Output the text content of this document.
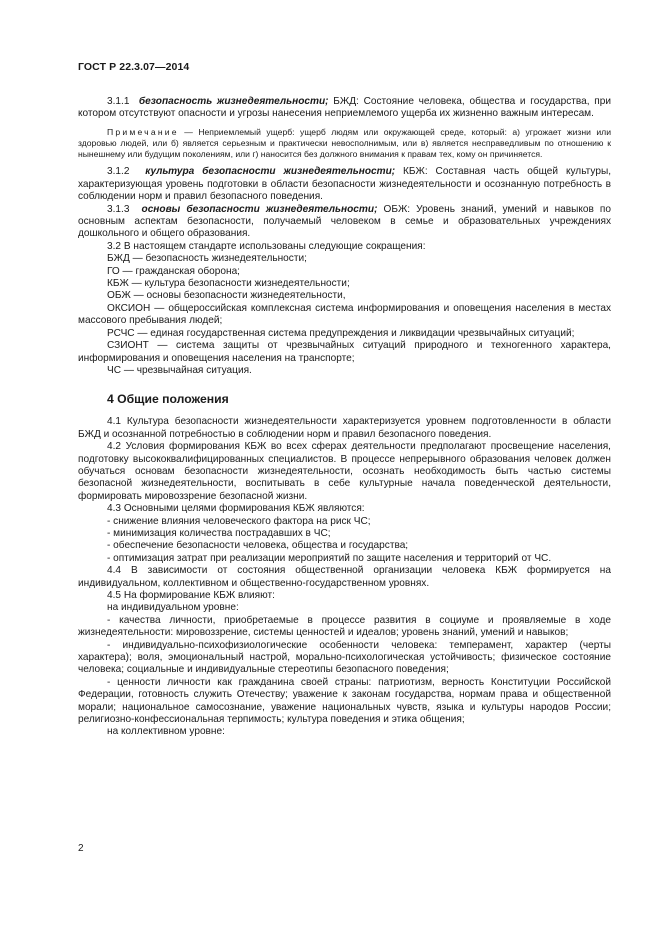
ГОСТ Р 22.3.07—2014

3.1.1 безопасность жизнедеятельности; БЖД: Состояние человека, общества и государства, при котором отсутствуют опасности и угрозы нанесения неприемлемого ущерба их жизненно важным интересам.

Примечание — Неприемлемый ущерб: ущерб людям или окружающей среде, который: а) угрожает жизни или здоровью людей, или б) является серьезным и практически невосполнимым, или в) является несправедливым по отношению к нынешнему или будущим поколениям, или г) наносится без должного внимания к правам тех, кому он причиняется.

3.1.2 культура безопасности жизнедеятельности; КБЖ: Составная часть общей культуры, характеризующая уровень подготовки в области безопасности жизнедеятельности и осознанную потребность в соблюдении норм и правил безопасного поведения.

3.1.3 основы безопасности жизнедеятельности; ОБЖ: Уровень знаний, умений и навыков по основным аспектам безопасности, получаемый человеком в семье и образовательных учреждениях дошкольного и общего образования.

3.2 В настоящем стандарте использованы следующие сокращения:

БЖД — безопасность жизнедеятельности;

ГО — гражданская оборона;

КБЖ — культура безопасности жизнедеятельности;

ОБЖ — основы безопасности жизнедеятельности,

ОКСИОН — общероссийская комплексная система информирования и оповещения населения в местах массового пребывания людей;

РСЧС — единая государственная система предупреждения и ликвидации чрезвычайных ситуаций;

СЗИОНТ — система защиты от чрезвычайных ситуаций природного и техногенного характера, информирования и оповещения населения на транспорте;

ЧС — чрезвычайная ситуация.

4 Общие положения

4.1 Культура безопасности жизнедеятельности характеризуется уровнем подготовленности в области БЖД и осознанной потребностью в соблюдении норм и правил безопасного поведения.

4.2 Условия формирования КБЖ во всех сферах деятельности предполагают просвещение населения, подготовку высококвалифицированных специалистов. В процессе непрерывного образования человек должен обучаться основам безопасности жизнедеятельности, осознать необходимость быть частью системы безопасной жизнедеятельности, воспитывать в себе культурные начала поведенческой деятельности, формировать мировоззрение безопасной жизни.

4.3 Основными целями формирования КБЖ являются:

- снижение влияния человеческого фактора на риск ЧС;

- минимизация количества пострадавших в ЧС;

- обеспечение безопасности человека, общества и государства;

- оптимизация затрат при реализации мероприятий по защите населения и территорий от ЧС.

4.4 В зависимости от состояния общественной организации человека КБЖ формируется на индивидуальном, коллективном и общественно-государственном уровнях.

4.5 На формирование КБЖ влияют:

на индивидуальном уровне:

- качества личности, приобретаемые в процессе развития в социуме и проявляемые в ходе жизнедеятельности: мировоззрение, системы ценностей и идеалов; уровень знаний, умений и навыков;

- индивидуально-психофизиологические особенности человека: темперамент, характер (черты характера); воля, эмоциональный настрой, морально-психологическая устойчивость; физическое состояние человека; социальные и индивидуальные стереотипы безопасного поведения;

- ценности личности как гражданина своей страны: патриотизм, верность Конституции Российской Федерации, готовность служить Отечеству; уважение к законам государства, нормам права и общественной морали; национальное самосознание, уважение национальных чувств, языка и культуры народов России; религиозно-конфессиональная терпимость; культура поведения и этика общения;

на коллективном уровне:

2
